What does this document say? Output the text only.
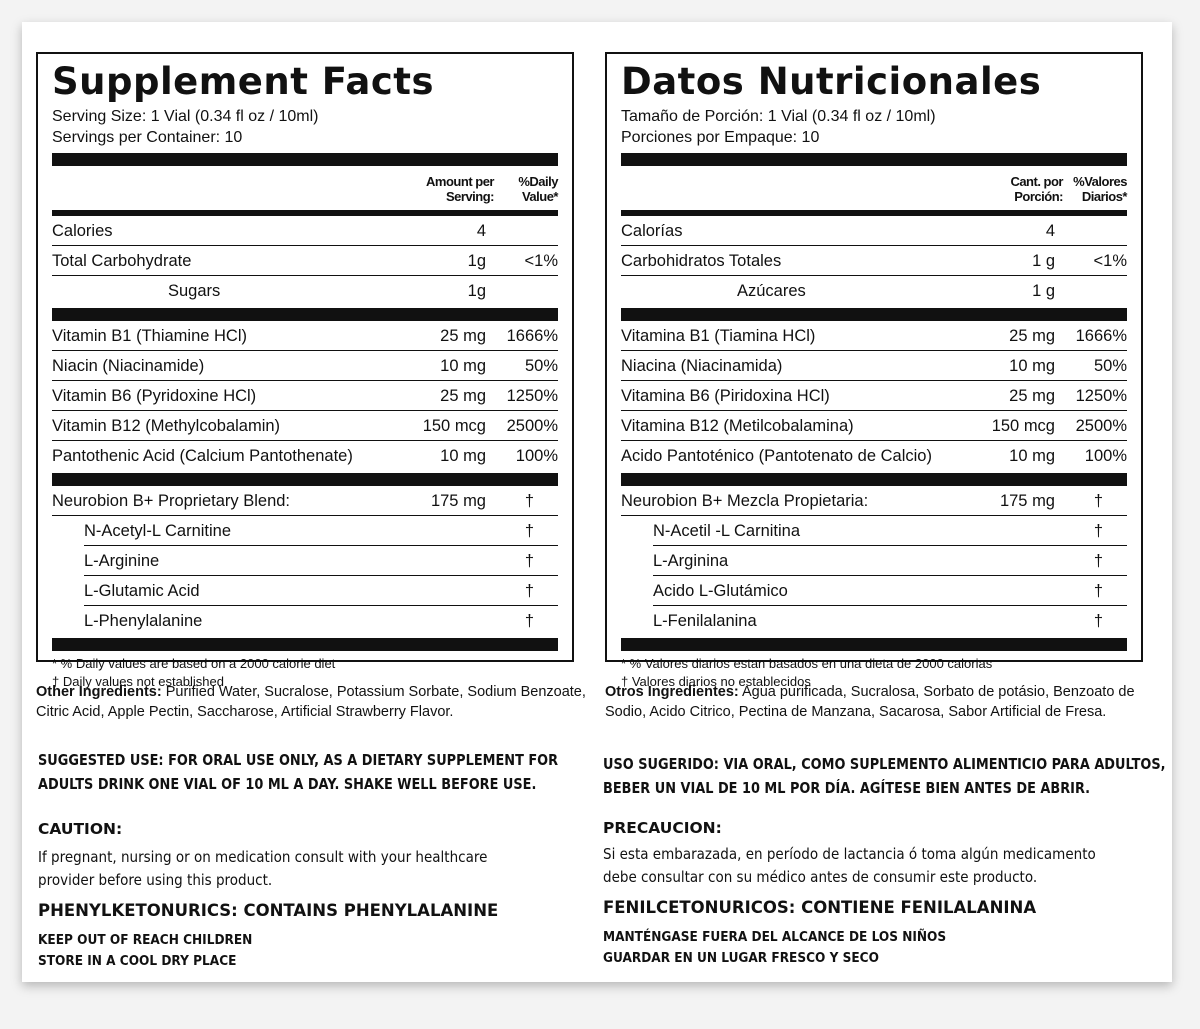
Supplement Facts
Serving Size: 1 Vial (0.34 fl oz / 10ml)
Servings per Container: 10
Amount per
Serving:
%Daily
Value*
Calories	4
Total Carbohydrate	1g <1%
Sugars	1g
Vitamin B1 (Thiamine HCl)	25 mg 1666%
Niacin (Niacinamide)	10 mg 50%
Vitamin B6 (Pyridoxine HCl)	25 mg 1250%
Vitamin B12 (Methylcobalamin)	150 mcg 2500%
Pantothenic Acid (Calcium Pantothenate)	10 mg 100%
Neurobion B+ Proprietary Blend:	175 mg †
N-Acetyl-L Carnitine	†
L-Arginine	†
L-Glutamic Acid	†
L-Phenylalanine	†
* % Daily values are based on a 2000 calorie diet
† Daily values not established
Datos Nutricionales
Tamaño de Porción: 1 Vial (0.34 fl oz / 10ml)
Porciones por Empaque: 10
Cant. por
Porción:
%Valores
Diarios*
Calorías	4
Carbohidratos Totales	1 g <1%
Azúcares	1 g
Vitamina B1 (Tiamina HCl)	25 mg 1666%
Niacina (Niacinamida)	10 mg 50%
Vitamina B6 (Piridoxina HCl)	25 mg 1250%
Vitamina B12 (Metilcobalamina)	150 mcg 2500%
Acido Pantoténico (Pantotenato de Calcio)	10 mg 100%
Neurobion B+ Mezcla Propietaria:	175 mg †
N-Acetil -L Carnitina	†
L-Arginina	†
Acido L-Glutámico	†
L-Fenilalanina	†
* % Valores diarios estan basados en una dieta de 2000 calorias
† Valores diarios no establecidos
Other Ingredients: Purified Water, Sucralose, Potassium Sorbate, Sodium Benzoate, Citric Acid, Apple Pectin, Saccharose, Artificial Strawberry Flavor.
Otros Ingredientes: Agua purificada, Sucralosa, Sorbato de potásio, Benzoato de Sodio, Acido Citrico, Pectina de Manzana, Sacarosa, Sabor Artificial de Fresa.
SUGGESTED USE: FOR ORAL USE ONLY, AS A DIETARY SUPPLEMENT FOR
ADULTS DRINK ONE VIAL OF 10 ML A DAY. SHAKE WELL BEFORE USE.
CAUTION:
If pregnant, nursing or on medication consult with your healthcare
provider before using this product.
PHENYLKETONURICS: CONTAINS PHENYLALANINE
KEEP OUT OF REACH CHILDREN
STORE IN A COOL DRY PLACE
USO SUGERIDO: VIA ORAL, COMO SUPLEMENTO ALIMENTICIO PARA ADULTOS,
BEBER UN VIAL DE 10 ML POR DÍA. AGÍTESE BIEN ANTES DE ABRIR.
PRECAUCION:
Si esta embarazada, en período de lactancia ó toma algún medicamento
debe consultar con su médico antes de consumir este producto.
FENILCETONURICOS: CONTIENE FENILALANINA
MANTÉNGASE FUERA DEL ALCANCE DE LOS NIÑOS
GUARDAR EN UN LUGAR FRESCO Y SECO
